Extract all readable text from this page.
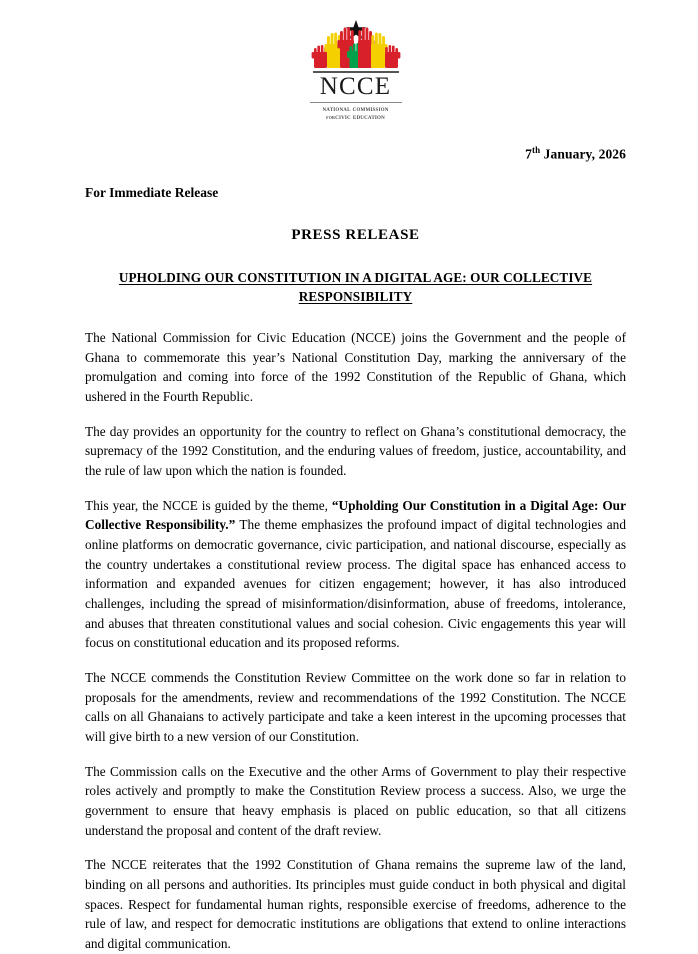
NCCE
national commission
forcivic education
7th January, 2026
For Immediate Release
PRESS RELEASE
UPHOLDING OUR CONSTITUTION IN A DIGITAL AGE: OUR COLLECTIVE RESPONSIBILITY

The National Commission for Civic Education (NCCE) joins the Government and the people of Ghana to commemorate this year’s National Constitution Day, marking the anniversary of the promulgation and coming into force of the 1992 Constitution of the Republic of Ghana, which ushered in the Fourth Republic.

The day provides an opportunity for the country to reflect on Ghana’s constitutional democracy, the supremacy of the 1992 Constitution, and the enduring values of freedom, justice, accountability, and the rule of law upon which the nation is founded.

This year, the NCCE is guided by the theme, “Upholding Our Constitution in a Digital Age: Our Collective Responsibility.” The theme emphasizes the profound impact of digital technologies and online platforms on democratic governance, civic participation, and national discourse, especially as the country undertakes a constitutional review process. The digital space has enhanced access to information and expanded avenues for citizen engagement; however, it has also introduced challenges, including the spread of misinformation/disinformation, abuse of freedoms, intolerance, and abuses that threaten constitutional values and social cohesion. Civic engagements this year will focus on constitutional education and its proposed reforms.

The NCCE commends the Constitution Review Committee on the work done so far in relation to proposals for the amendments, review and recommendations of the 1992 Constitution. The NCCE calls on all Ghanaians to actively participate and take a keen interest in the upcoming processes that will give birth to a new version of our Constitution.

The Commission calls on the Executive and the other Arms of Government to play their respective roles actively and promptly to make the Constitution Review process a success. Also, we urge the government to ensure that heavy emphasis is placed on public education, so that all citizens understand the proposal and content of the draft review.

The NCCE reiterates that the 1992 Constitution of Ghana remains the supreme law of the land, binding on all persons and authorities. Its principles must guide conduct in both physical and digital spaces. Respect for fundamental human rights, responsible exercise of freedoms, adherence to the rule of law, and respect for democratic institutions are obligations that extend to online interactions and digital communication.
